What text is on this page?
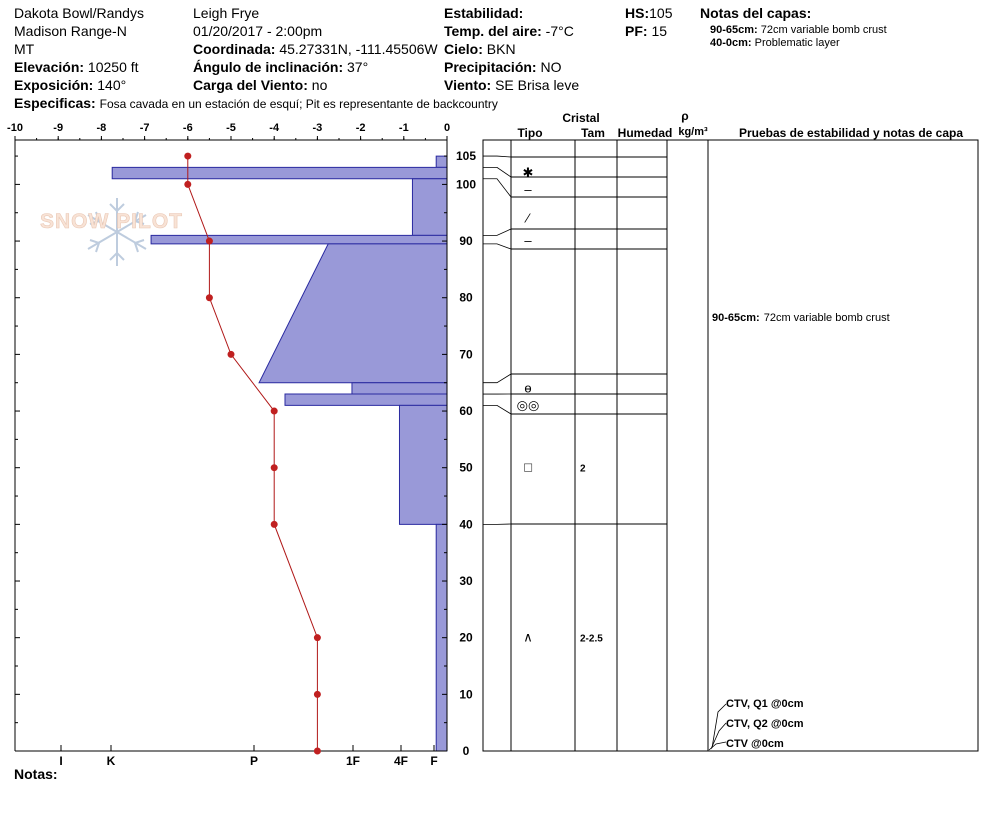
Dakota Bowl/Randys
Madison Range-N
MT
Elevación: 10250 ft
Exposición: 140°
Especificas: Fosa cavada en un estación de esquí; Pit es representante de backcountry
Leigh Frye
01/20/2017 - 2:00pm
Coordinada: 45.27331N, -111.45506W
Ángulo de inclinación: 37°
Carga del Viento: no
Estabilidad:
Temp. del aire: -7°C
Cielo: BKN
Precipitación: NO
Viento: SE Brisa leve
HS:105
PF: 15
Notas del capas:
90-65cm: 72cm variable bomb crust
40-0cm: Problematic layer
Notas:
SNOW PILOT
-10	-9	-8	-7	-6	-5	-4	-3	-2	-1	0
105
100
90
80
70
60
50
40
30
20
10
0
I	K	P	1F	4F F
✱
–
⁄
–
ɵ
◎◎
□	2
∧	2-2.5
Cristal
Tipo	Tam Humedad
ρ
kg/m³	Pruebas de estabilidad y notas de capa
90-65cm: 72cm variable bomb crust
CTV, Q1 @0cm
CTV, Q2 @0cm
CTV @0cm
